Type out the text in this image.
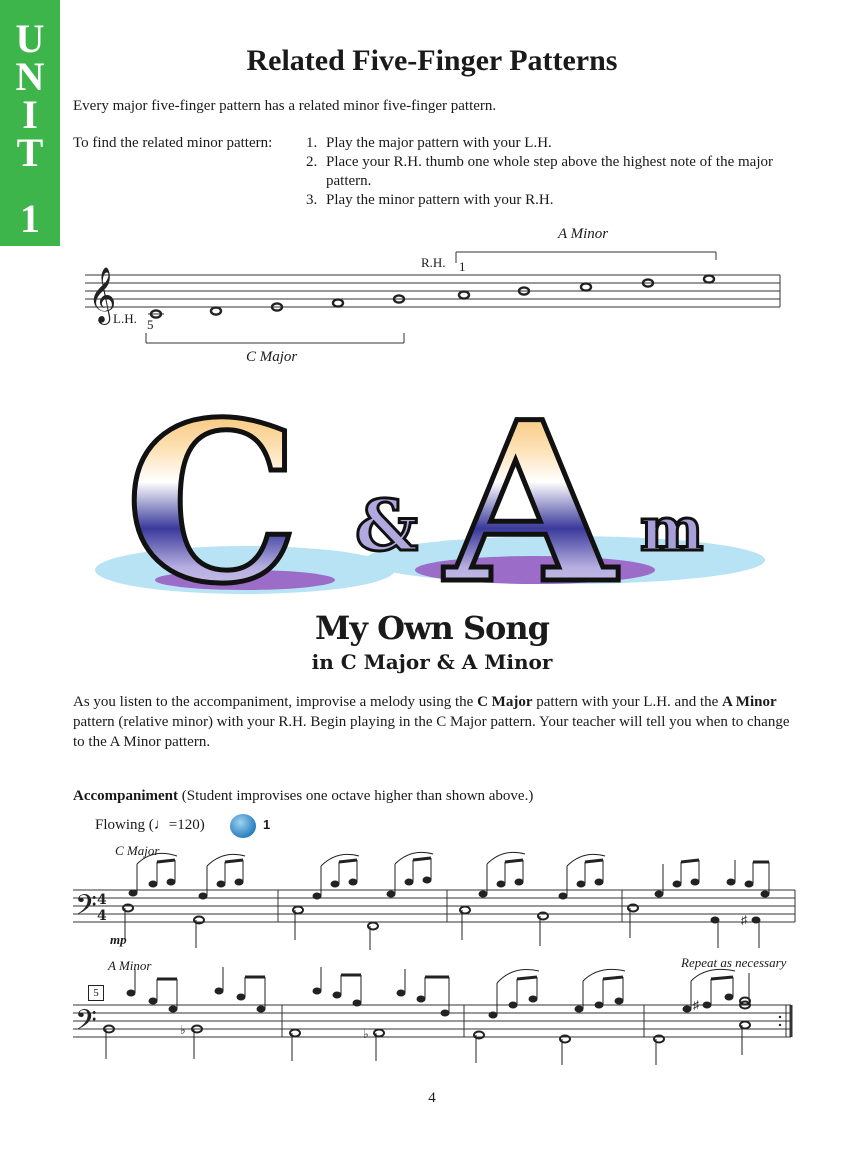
U
N
I
T
1
Related Five-Finger Patterns
Every major five-finger pattern has a related minor five-finger pattern.
To find the related minor pattern: 1. Play the major pattern with your L.H.
2. Place your R.H. thumb one whole step above the highest note of the major pattern.
3. Play the minor pattern with your R.H.
A Minor
R.H. 1
L.H. 5
C Major
𝄞
C & A m
My Own Song
in C Major & A Minor
As you listen to the accompaniment, improvise a melody using the C Major pattern with your L.H. and the A Minor pattern (relative minor) with your R.H. Begin playing in the C Major pattern. Your teacher will tell you when to change to the A Minor pattern.
Accompaniment (Student improvises one octave higher than shown above.)
Flowing (♩=120)	1
C Major
mp
A Minor	Repeat as necessary
5
𝄢 4
4	♯
𝄢	♭	♭
♯
4
